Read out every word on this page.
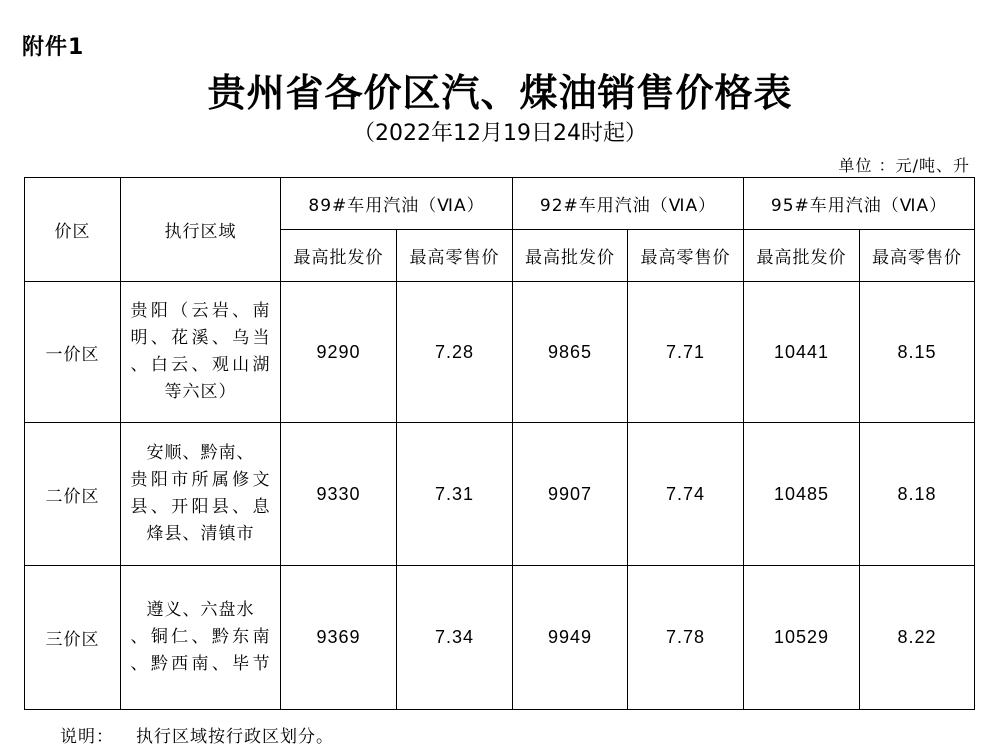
附件1
贵州省各价区汽、煤油销售价格表
（2022年12月19日24时起）
单位 ：元/吨、升
价区	执行区域	89#车用汽油（ⅥA）		92#车用汽油（ⅥA）		95#车用汽油（ⅥA）	
		最高批发价	最高零售价	最高批发价	最高零售价	最高批发价	最高零售价
一价区	贵阳（云岩、南
明、花溪、乌当
、白云、观山湖
等六区）	9290	7.28	9865	7.71	10441	8.15
二价区	安顺、黔南、
贵阳市所属修文
县、开阳县、息
烽县、清镇市	9330	7.31	9907	7.74	10485	8.18
三价区	遵义、六盘水
、铜仁、黔东南
、黔西南、毕节	9369	7.34	9949	7.78	10529	8.22
说明： 执行区域按行政区划分。
